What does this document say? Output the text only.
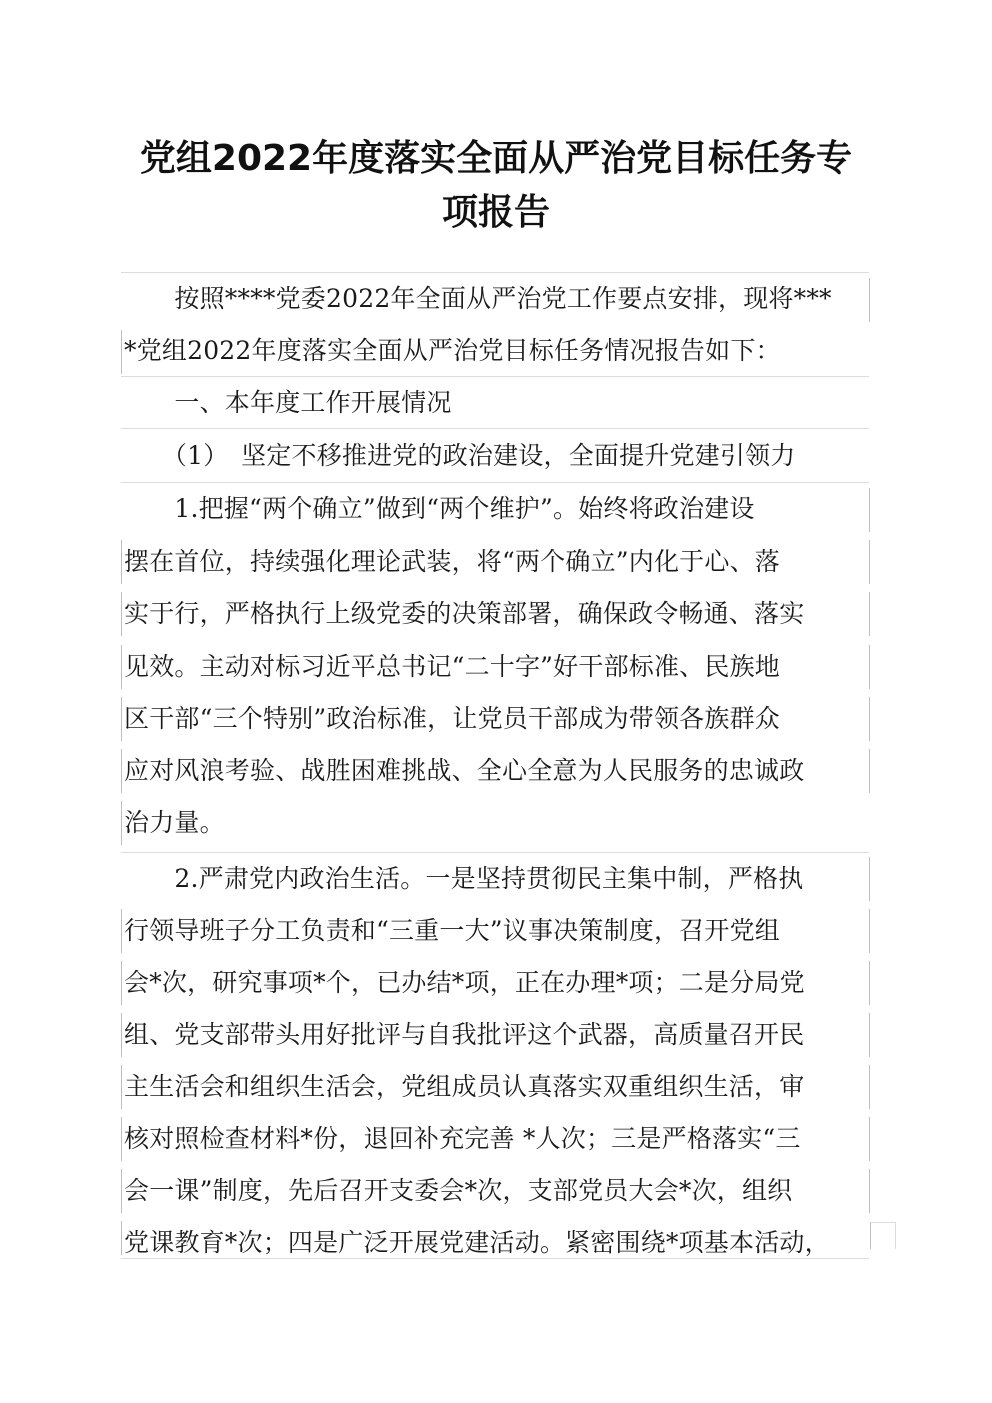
党组2022年度落实全面从严治党目标任务专
项报告

　　按照****党委2022年全面从严治党工作要点安排，现将***

*党组2022年度落实全面从严治党目标任务情况报告如下：

　　一、本年度工作开展情况

　　（1）　坚定不移推进党的政治建设，全面提升党建引领力

　　1.把握“两个确立”做到“两个维护”。始终将政治建设

摆在首位，持续强化理论武装，将“两个确立”内化于心、落

实于行，严格执行上级党委的决策部署，确保政令畅通、落实

见效。主动对标习近平总书记“二十字”好干部标准、民族地

区干部“三个特别”政治标准，让党员干部成为带领各族群众

应对风浪考验、战胜困难挑战、全心全意为人民服务的忠诚政

治力量。

　　2.严肃党内政治生活。一是坚持贯彻民主集中制，严格执

行领导班子分工负责和“三重一大”议事决策制度，召开党组

会*次，研究事项*个，已办结*项，正在办理*项；二是分局党

组、党支部带头用好批评与自我批评这个武器，高质量召开民

主生活会和组织生活会，党组成员认真落实双重组织生活，审

核对照检查材料*份，退回补充完善 *人次；三是严格落实“三

会一课”制度，先后召开支委会*次，支部党员大会*次，组织

党课教育*次；四是广泛开展党建活动。紧密围绕*项基本活动，
